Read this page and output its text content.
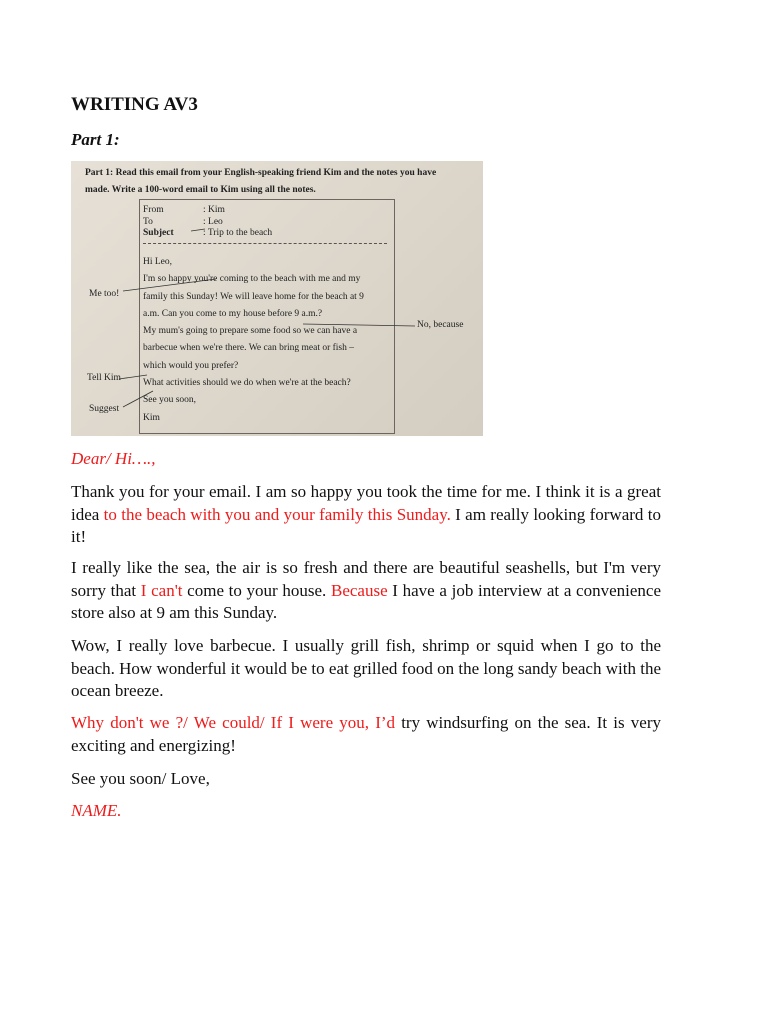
WRITING AV3
Part 1:
Part 1: Read this email from your English-speaking friend Kim and the notes you have
made. Write a 100-word email to Kim using all the notes.
From	: Kim
To	: Leo
Subject	: Trip to the beach
Hi Leo,
I'm so happy you're coming to the beach with me and my
family this Sunday! We will leave home for the beach at 9
a.m. Can you come to my house before 9 a.m.?
My mum's going to prepare some food so we can have a
barbecue when we're there. We can bring meat or fish –
which would you prefer?
What activities should we do when we're at the beach?
See you soon,
Kim
Me too!
No, because
Tell Kim
Suggest

Dear/ Hi….,

Thank you for your email. I am so happy you took the time for me. I think it is a great idea to the beach with you and your family this Sunday. I am really looking forward to it!

I really like the sea, the air is so fresh and there are beautiful seashells, but I'm very sorry that I can't come to your house. Because I have a job interview at a convenience store also at 9 am this Sunday.

Wow, I really love barbecue. I usually grill fish, shrimp or squid when I go to the beach. How wonderful it would be to eat grilled food on the long sandy beach with the ocean breeze.

Why don't we ?/ We could/ If I were you, I’d try windsurfing on the sea. It is very exciting and energizing!

See you soon/ Love,

NAME.
